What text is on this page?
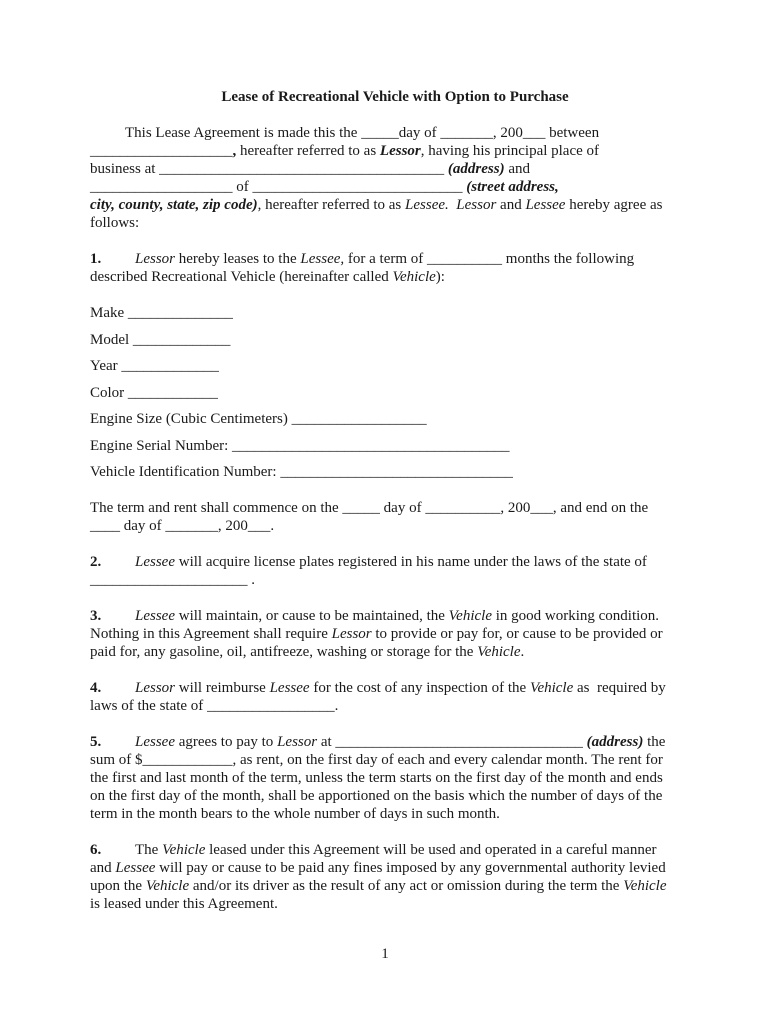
Lease of Recreational Vehicle with Option to Purchase
This Lease Agreement is made this the _____day of _______, 200___ between
___________________, hereafter referred to as Lessor, having his principal place of
business at ______________________________________ (address) and
___________________ of ____________________________ (street address,
city, county, state, zip code), hereafter referred to as Lessee. Lessor and Lessee hereby agree as
follows:
1. Lessor hereby leases to the Lessee, for a term of __________ months the following
described Recreational Vehicle (hereinafter called Vehicle):
Make ______________
Model _____________
Year _____________
Color ____________
Engine Size (Cubic Centimeters) __________________
Engine Serial Number: _____________________________________
Vehicle Identification Number: _______________________________
The term and rent shall commence on the _____ day of __________, 200___, and end on the
____ day of _______, 200___.
2. Lessee will acquire license plates registered in his name under the laws of the state of
_____________________ .
3. Lessee will maintain, or cause to be maintained, the Vehicle in good working condition.
Nothing in this Agreement shall require Lessor to provide or pay for, or cause to be provided or
paid for, any gasoline, oil, antifreeze, washing or storage for the Vehicle.
4. Lessor will reimburse Lessee for the cost of any inspection of the Vehicle as  required by
laws of the state of _________________.
5. Lessee agrees to pay to Lessor at _________________________________ (address) the
sum of $____________, as rent, on the first day of each and every calendar month. The rent for
the first and last month of the term, unless the term starts on the first day of the month and ends
on the first day of the month, shall be apportioned on the basis which the number of days of the
term in the month bears to the whole number of days in such month.
6. The Vehicle leased under this Agreement will be used and operated in a careful manner
and Lessee will pay or cause to be paid any fines imposed by any governmental authority levied
upon the Vehicle and/or its driver as the result of any act or omission during the term the Vehicle
is leased under this Agreement.
1
